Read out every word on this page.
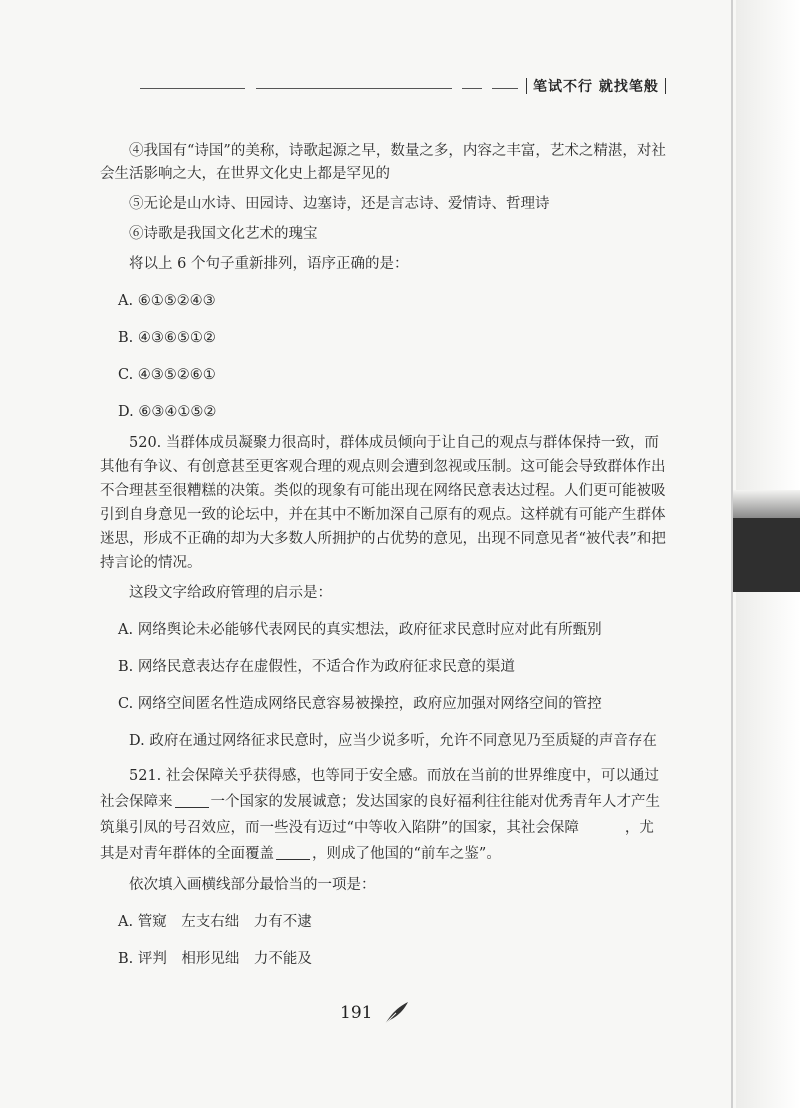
笔试不行 就找笔般

④我国有“诗国”的美称，诗歌起源之早，数量之多，内容之丰富，艺术之精湛，对社会生活影响之大，在世界文化史上都是罕见的

⑤无论是山水诗、田园诗、边塞诗，还是言志诗、爱情诗、哲理诗

⑥诗歌是我国文化艺术的瑰宝

将以上 6 个句子重新排列，语序正确的是：

A. ⑥①⑤②④③

B. ④③⑥⑤①②

C. ④③⑤②⑥①

D. ⑥③④①⑤②

520. 当群体成员凝聚力很高时，群体成员倾向于让自己的观点与群体保持一致，而其他有争议、有创意甚至更客观合理的观点则会遭到忽视或压制。这可能会导致群体作出不合理甚至很糟糕的决策。类似的现象有可能出现在网络民意表达过程。人们更可能被吸引到自身意见一致的论坛中，并在其中不断加深自己原有的观点。这样就有可能产生群体迷思，形成不正确的却为大多数人所拥护的占优势的意见，出现不同意见者“被代表”和把持言论的情况。

这段文字给政府管理的启示是：

A. 网络舆论未必能够代表网民的真实想法，政府征求民意时应对此有所甄别

B. 网络民意表达存在虚假性，不适合作为政府征求民意的渠道

C. 网络空间匿名性造成网络民意容易被操控，政府应加强对网络空间的管控

D. 政府在通过网络征求民意时，应当少说多听，允许不同意见乃至质疑的声音存在

521. 社会保障关乎获得感，也等同于安全感。而放在当前的世界维度中，可以通过社会保障来	一个国家的发展诚意；发达国家的良好福利往往能对优秀青年人才产生筑巢引凤的号召效应，而一些没有迈过“中等收入陷阱”的国家，其社会保障	，尤其是对青年群体的全面覆盖	，则成了他国的“前车之鉴”。

依次填入画横线部分最恰当的一项是：

A. 管窥　左支右绌　力有不逮

B. 评判　相形见绌　力不能及

191
